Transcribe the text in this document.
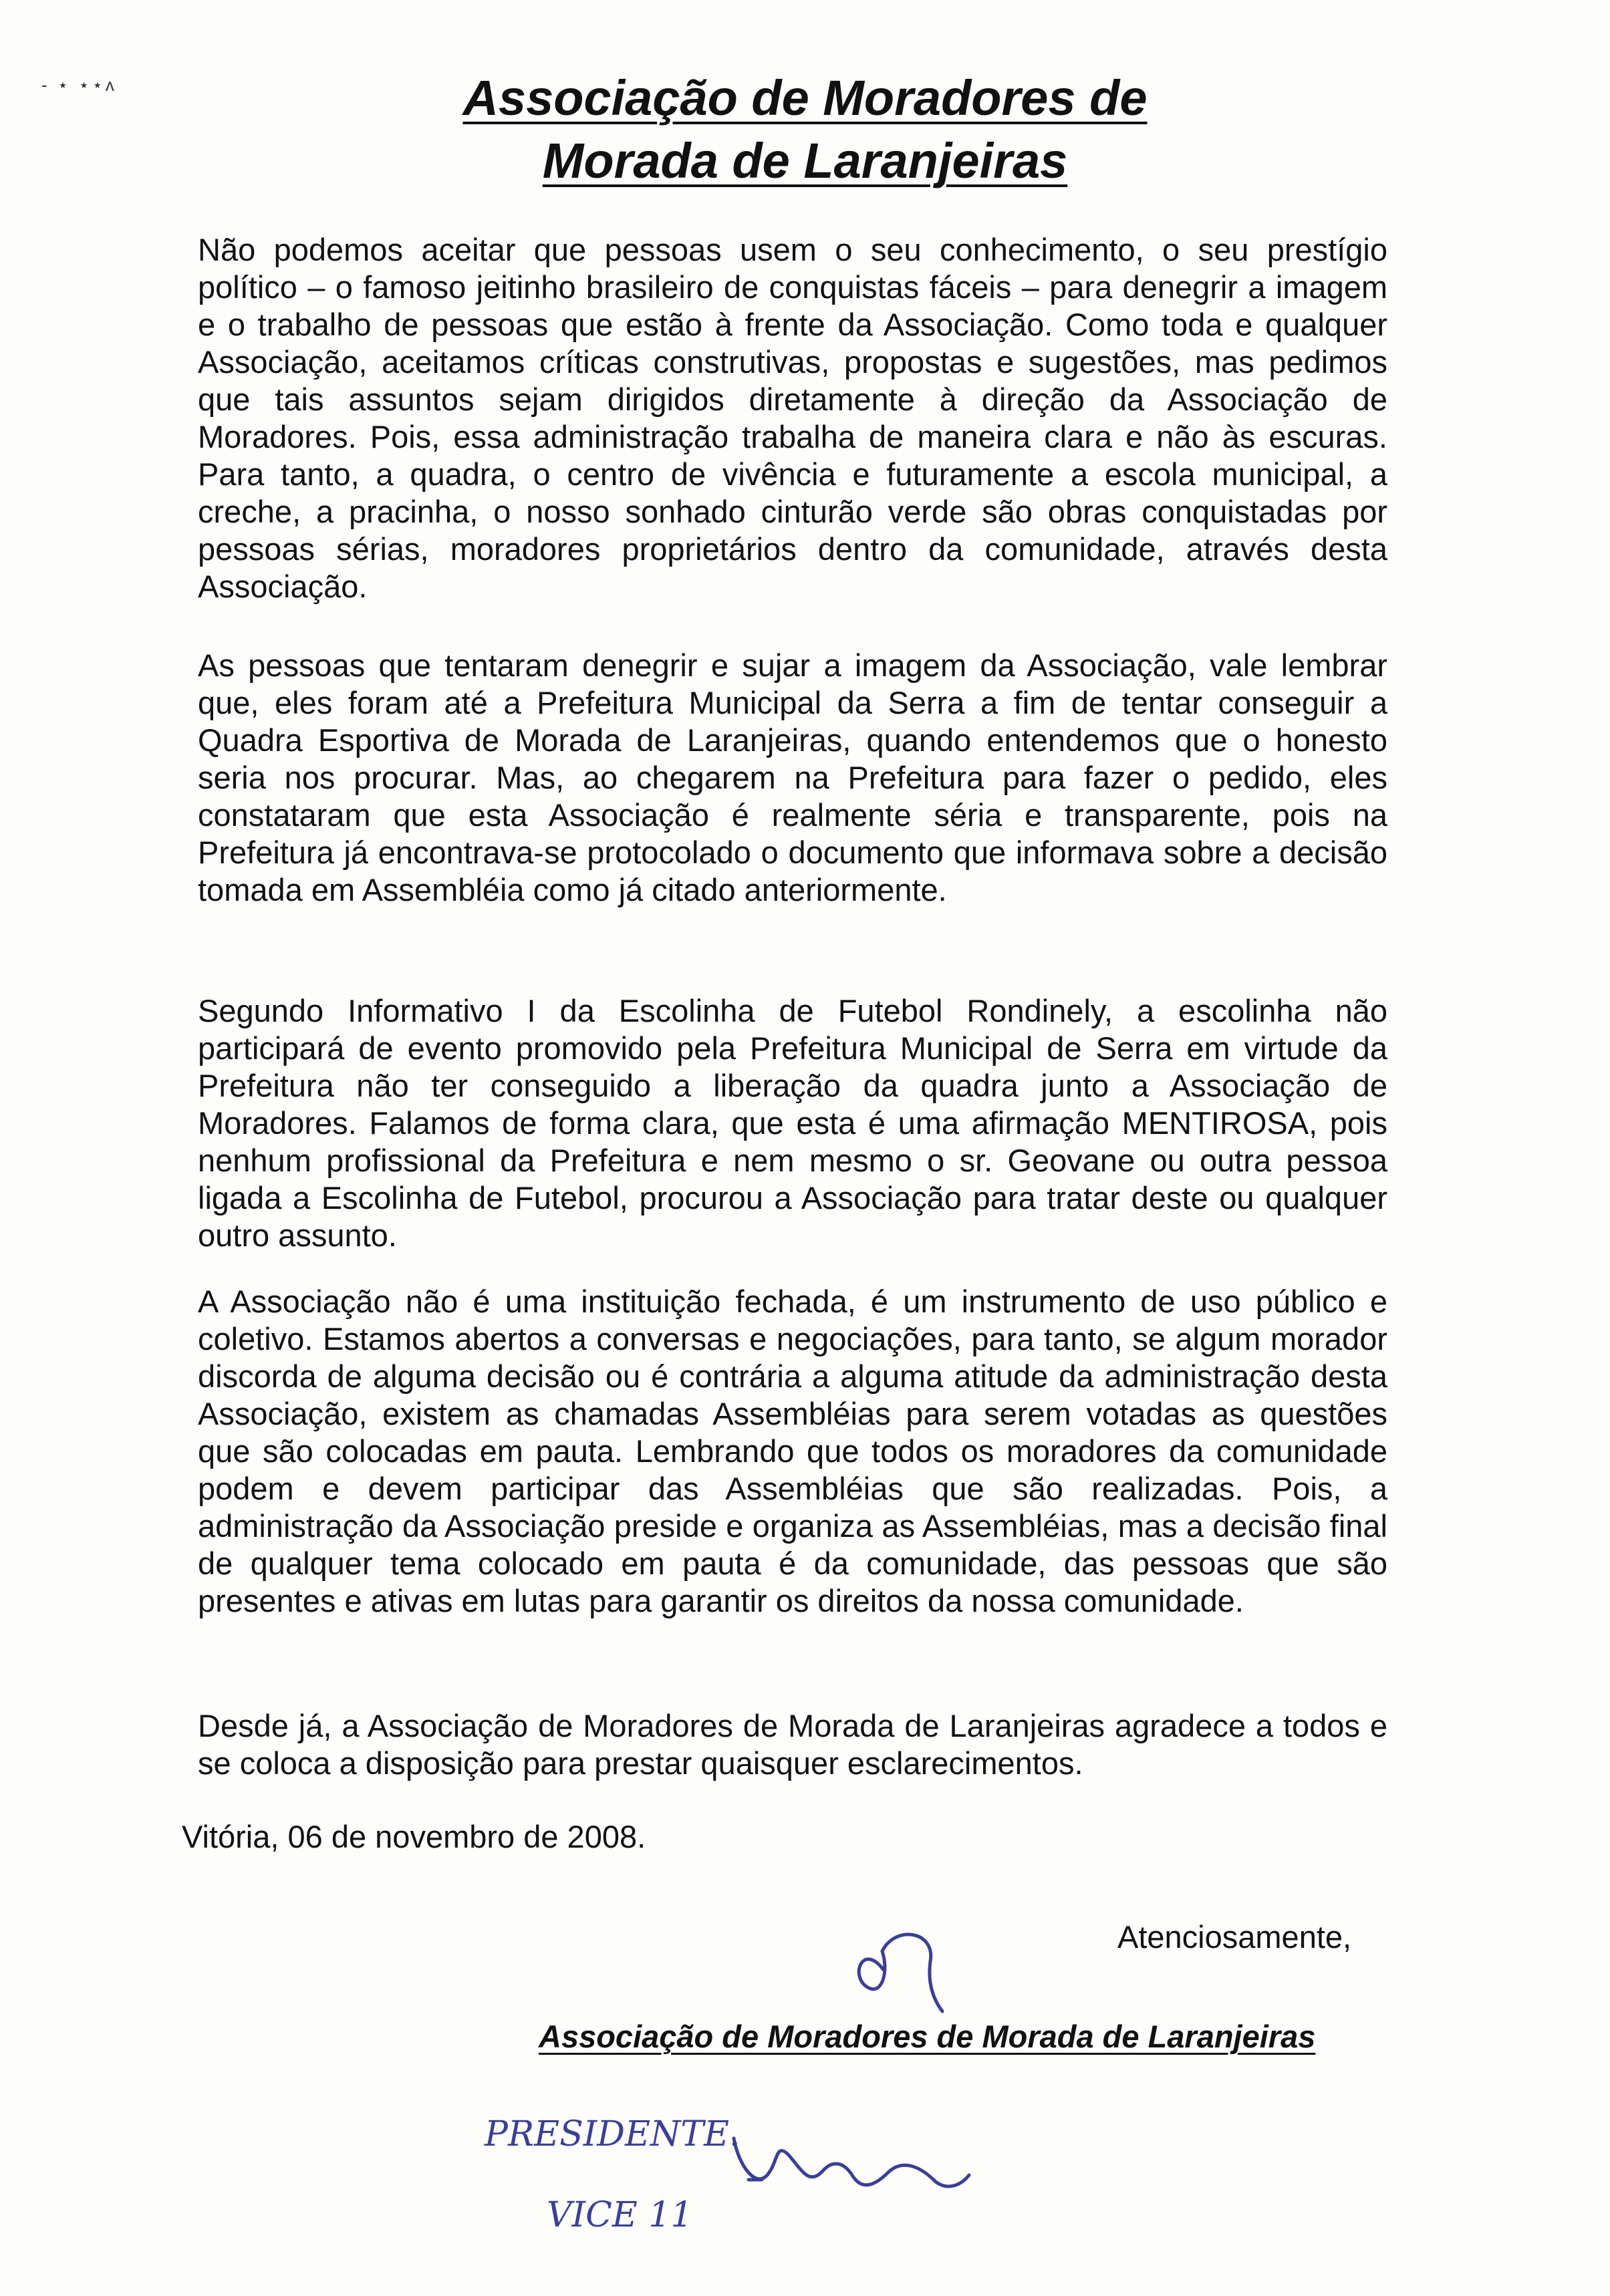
- ⋆ ⋆⋆ʌ	Associação de Moradores de
Morada de Laranjeiras

Não podemos aceitar que pessoas usem o seu conhecimento, o seu prestígio político – o famoso jeitinho brasileiro de conquistas fáceis – para denegrir a imagem e o trabalho de pessoas que estão à frente da Associação. Como toda e qualquer Associação, aceitamos críticas construtivas, propostas e sugestões, mas pedimos que tais assuntos sejam dirigidos diretamente à direção da Associação de Moradores. Pois, essa administração trabalha de maneira clara e não às escuras. Para tanto, a quadra, o centro de vivência e futuramente a escola municipal, a creche, a pracinha, o nosso sonhado cinturão verde são obras conquistadas por pessoas sérias, moradores proprietários dentro da comunidade, através desta Associação.

As pessoas que tentaram denegrir e sujar a imagem da Associação, vale lembrar que, eles foram até a Prefeitura Municipal da Serra a fim de tentar conseguir a Quadra Esportiva de Morada de Laranjeiras, quando entendemos que o honesto seria nos procurar. Mas, ao chegarem na Prefeitura para fazer o pedido, eles constataram que esta Associação é realmente séria e transparente, pois na Prefeitura já encontrava-se protocolado o documento que informava sobre a decisão tomada em Assembléia como já citado anteriormente.

Segundo Informativo I da Escolinha de Futebol Rondinely, a escolinha não participará de evento promovido pela Prefeitura Municipal de Serra em virtude da Prefeitura não ter conseguido a liberação da quadra junto a Associação de Moradores. Falamos de forma clara, que esta é uma afirmação MENTIROSA, pois nenhum profissional da Prefeitura e nem mesmo o sr. Geovane ou outra pessoa ligada a Escolinha de Futebol, procurou a Associação para tratar deste ou qualquer outro assunto.

A Associação não é uma instituição fechada, é um instrumento de uso público e coletivo. Estamos abertos a conversas e negociações, para tanto, se algum morador discorda de alguma decisão ou é contrária a alguma atitude da administração desta Associação, existem as chamadas Assembléias para serem votadas as questões que são colocadas em pauta. Lembrando que todos os moradores da comunidade podem e devem participar das Assembléias que são realizadas. Pois, a administração da Associação preside e organiza as Assembléias, mas a decisão final de qualquer tema colocado em pauta é da comunidade, das pessoas que são presentes e ativas em lutas para garantir os direitos da nossa comunidade.

Desde já, a Associação de Moradores de Morada de Laranjeiras agradece a todos e se coloca a disposição para prestar quaisquer esclarecimentos.

Vitória, 06 de novembro de 2008.

Atenciosamente,

Associação de Moradores de Morada de Laranjeiras

PRESIDENTE.

VICE 11
